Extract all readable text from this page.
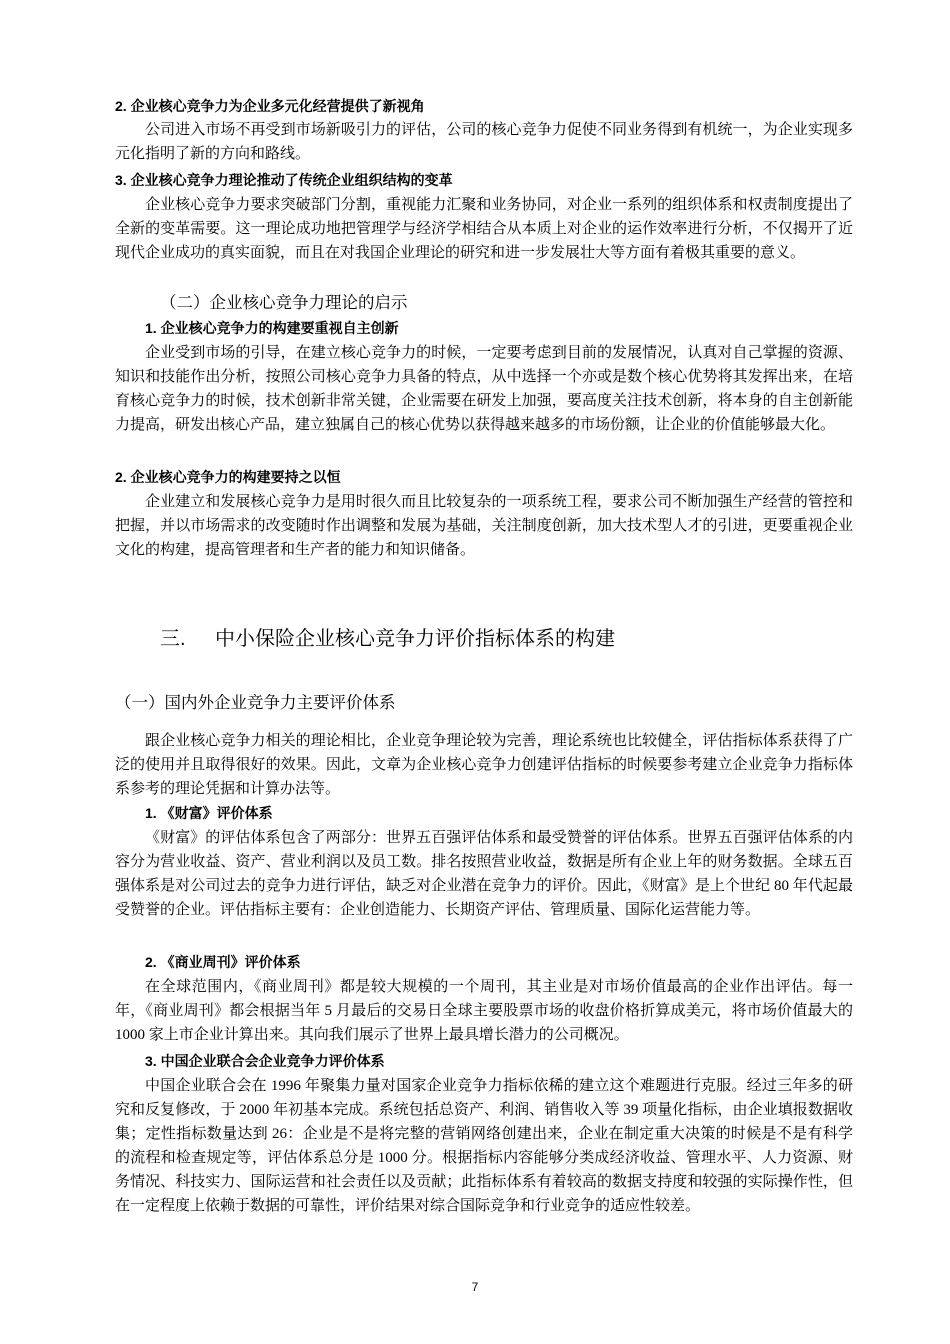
2. 企业核心竞争力为企业多元化经营提供了新视角

公司进入市场不再受到市场新吸引力的评估，公司的核心竞争力促使不同业务得到有机统一，为企业实现多元化指明了新的方向和路线。

3. 企业核心竞争力理论推动了传统企业组织结构的变革

企业核心竞争力要求突破部门分割，重视能力汇聚和业务协同，对企业一系列的组织体系和权责制度提出了全新的变革需要。这一理论成功地把管理学与经济学相结合从本质上对企业的运作效率进行分析，不仅揭开了近现代企业成功的真实面貌，而且在对我国企业理论的研究和进一步发展壮大等方面有着极其重要的意义。

（二）企业核心竞争力理论的启示
1. 企业核心竞争力的构建要重视自主创新

企业受到市场的引导，在建立核心竞争力的时候，一定要考虑到目前的发展情况，认真对自己掌握的资源、知识和技能作出分析，按照公司核心竞争力具备的特点，从中选择一个亦或是数个核心优势将其发挥出来，在培育核心竞争力的时候，技术创新非常关键，企业需要在研发上加强，要高度关注技术创新，将本身的自主创新能力提高，研发出核心产品，建立独属自己的核心优势以获得越来越多的市场份额，让企业的价值能够最大化。

2. 企业核心竞争力的构建要持之以恒

企业建立和发展核心竞争力是用时很久而且比较复杂的一项系统工程，要求公司不断加强生产经营的管控和把握，并以市场需求的改变随时作出调整和发展为基础，关注制度创新，加大技术型人才的引进，更要重视企业文化的构建，提高管理者和生产者的能力和知识储备。

三. 中小保险企业核心竞争力评价指标体系的构建
（一）国内外企业竞争力主要评价体系

跟企业核心竞争力相关的理论相比，企业竞争理论较为完善，理论系统也比较健全，评估指标体系获得了广泛的使用并且取得很好的效果。因此，文章为企业核心竞争力创建评估指标的时候要参考建立企业竞争力指标体系参考的理论凭据和计算办法等。

1. 《财富》评价体系

《财富》的评估体系包含了两部分：世界五百强评估体系和最受赞誉的评估体系。世界五百强评估体系的内容分为营业收益、资产、营业利润以及员工数。排名按照营业收益，数据是所有企业上年的财务数据。全球五百强体系是对公司过去的竞争力进行评估，缺乏对企业潜在竞争力的评价。因此，《财富》是上个世纪 80 年代起最受赞誉的企业。评估指标主要有：企业创造能力、长期资产评估、管理质量、国际化运营能力等。

2. 《商业周刊》评价体系

在全球范围内，《商业周刊》都是较大规模的一个周刊，其主业是对市场价值最高的企业作出评估。每一年，《商业周刊》都会根据当年 5 月最后的交易日全球主要股票市场的收盘价格折算成美元，将市场价值最大的 1000 家上市企业计算出来。其向我们展示了世界上最具增长潜力的公司概况。

3. 中国企业联合会企业竞争力评价体系

中国企业联合会在 1996 年聚集力量对国家企业竞争力指标依稀的建立这个难题进行克服。经过三年多的研究和反复修改，于 2000 年初基本完成。系统包括总资产、利润、销售收入等 39 项量化指标，由企业填报数据收集；定性指标数量达到 26：企业是不是将完整的营销网络创建出来，企业在制定重大决策的时候是不是有科学的流程和检查规定等，评估体系总分是 1000 分。根据指标内容能够分类成经济收益、管理水平、人力资源、财务情况、科技实力、国际运营和社会责任以及贡献；此指标体系有着较高的数据支持度和较强的实际操作性，但在一定程度上依赖于数据的可靠性，评价结果对综合国际竞争和行业竞争的适应性较差。

7
